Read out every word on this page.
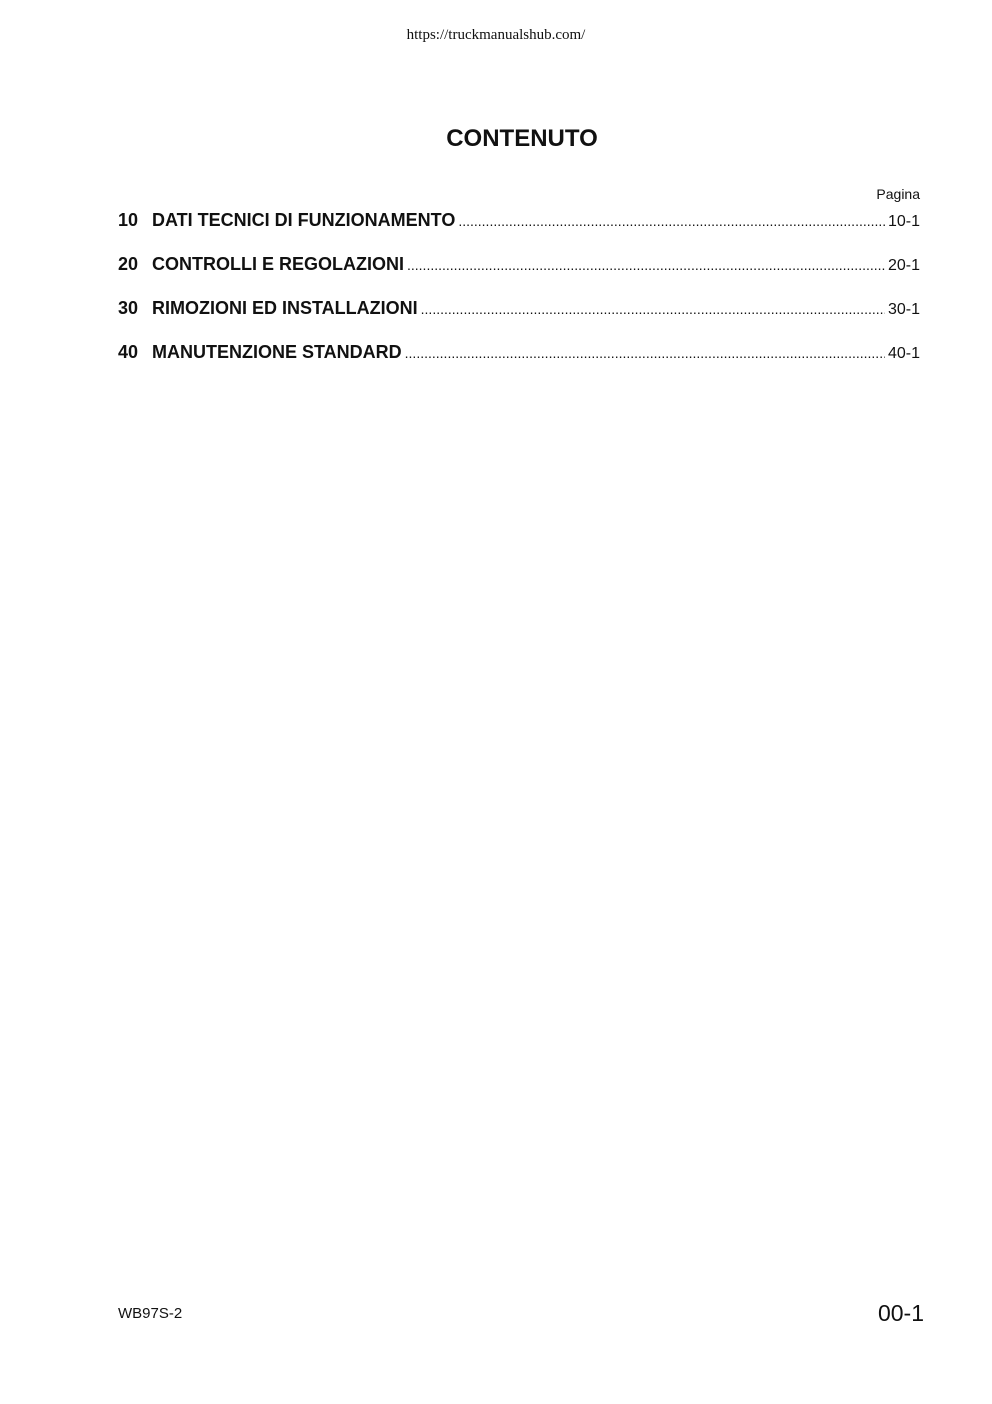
https://truckmanualshub.com/
CONTENUTO
Pagina
10 DATI TECNICI DI FUNZIONAMENTO .....	10-1
20 CONTROLLI E REGOLAZIONI .....	20-1
30 RIMOZIONI ED INSTALLAZIONI .....	30-1
40 MANUTENZIONE STANDARD .....	40-1
WB97S-2	00-1
